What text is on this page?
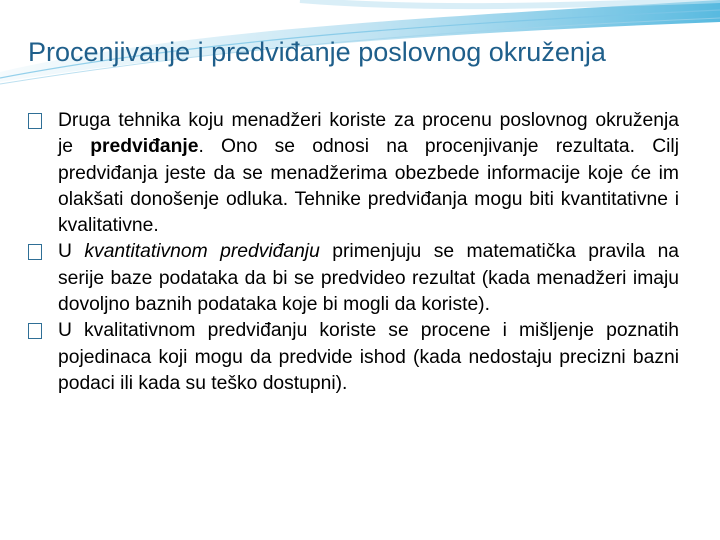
Procenjivanje i predviđanje poslovnog okruženja

Druga tehnika koju menadžeri koriste za procenu poslovnog okruženja je predviđanje. Ono se odnosi na procenjivanje rezultata. Cilj predviđanja jeste da se menadžerima obezbede informacije koje će im olakšati donošenje odluka. Tehnike predviđanja mogu biti kvantitativne i kvalitativne.

U kvantitativnom predviđanju primenjuju se matematička pravila na serije baze podataka da bi se predvideo rezultat (kada menadžeri imaju dovoljno baznih podataka koje bi mogli da koriste).

U kvalitativnom predviđanju koriste se procene i mišljenje poznatih pojedinaca koji mogu da predvide ishod (kada nedostaju precizni bazni podaci ili kada su teško dostupni).
